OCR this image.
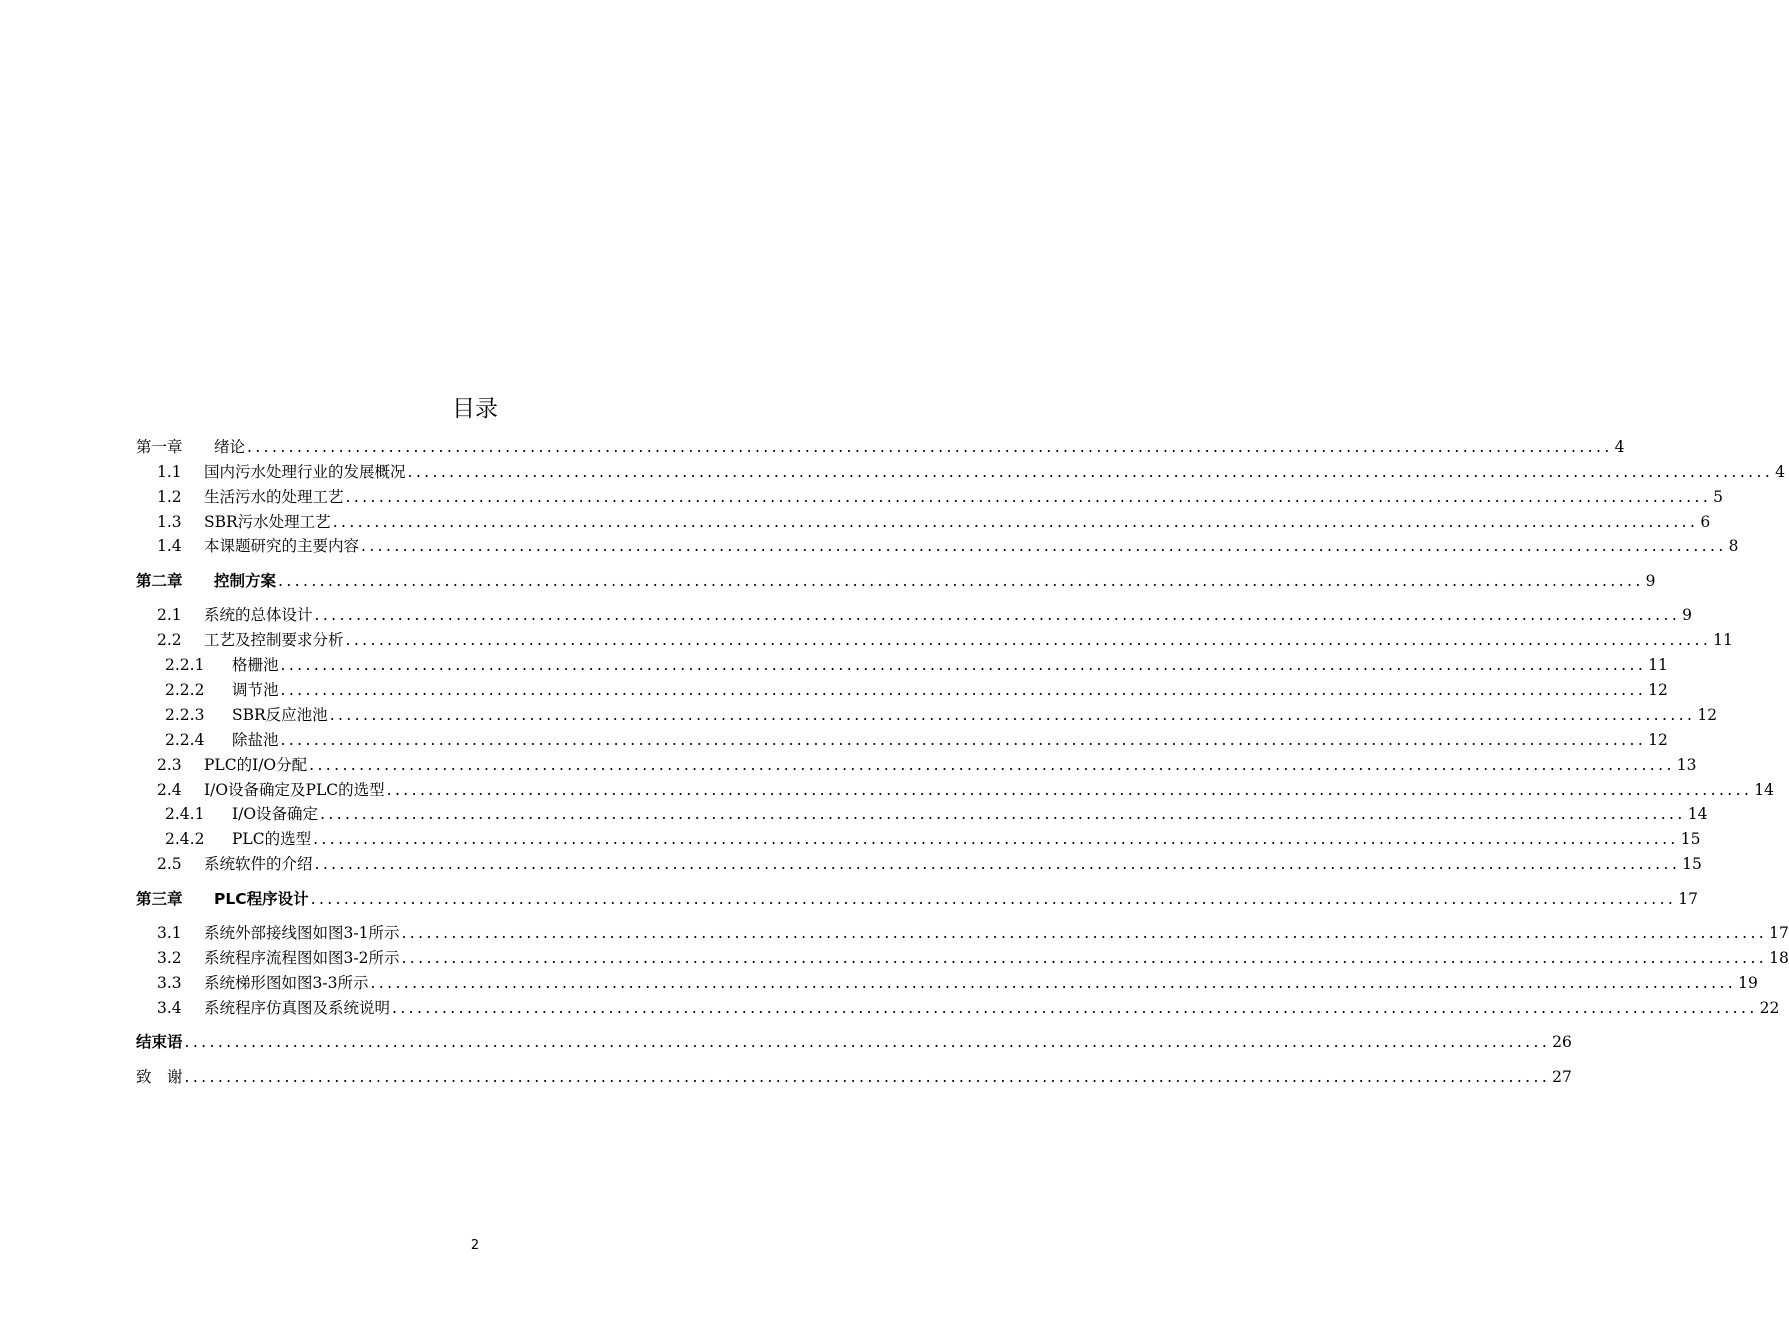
目录
第一章	绪论 .................................................................................................................................................................... 4
1.1	国内污水处理行业的发展概况 .................................................................................................................................................................... 4
1.2	生活污水的处理工艺 .................................................................................................................................................................... 5
1.3	SBR污水处理工艺 .................................................................................................................................................................... 6
1.4	本课题研究的主要内容 .................................................................................................................................................................... 8
第二章	控制方案 .................................................................................................................................................................... 9
2.1	系统的总体设计 .................................................................................................................................................................... 9
2.2	工艺及控制要求分析 .................................................................................................................................................................... 11
2.2.1	格栅池 .................................................................................................................................................................... 11
2.2.2	调节池 .................................................................................................................................................................... 12
2.2.3	SBR反应池池 .................................................................................................................................................................... 12
2.2.4	除盐池 .................................................................................................................................................................... 12
2.3	PLC的I/O分配 .................................................................................................................................................................... 13
2.4	I/O设备确定及PLC的选型 .................................................................................................................................................................... 14
2.4.1	I/O设备确定 .................................................................................................................................................................... 14
2.4.2	PLC的选型 .................................................................................................................................................................... 15
2.5	系统软件的介绍 .................................................................................................................................................................... 15
第三章	PLC程序设计 .................................................................................................................................................................... 17
3.1	系统外部接线图如图3-1所示 .................................................................................................................................................................... 17
3.2	系统程序流程图如图3-2所示 .................................................................................................................................................................... 18
3.3	系统梯形图如图3-3所示 .................................................................................................................................................................... 19
3.4	系统程序仿真图及系统说明 .................................................................................................................................................................... 22
结束语 .................................................................................................................................................................... 26
致　谢 .................................................................................................................................................................... 27
2
